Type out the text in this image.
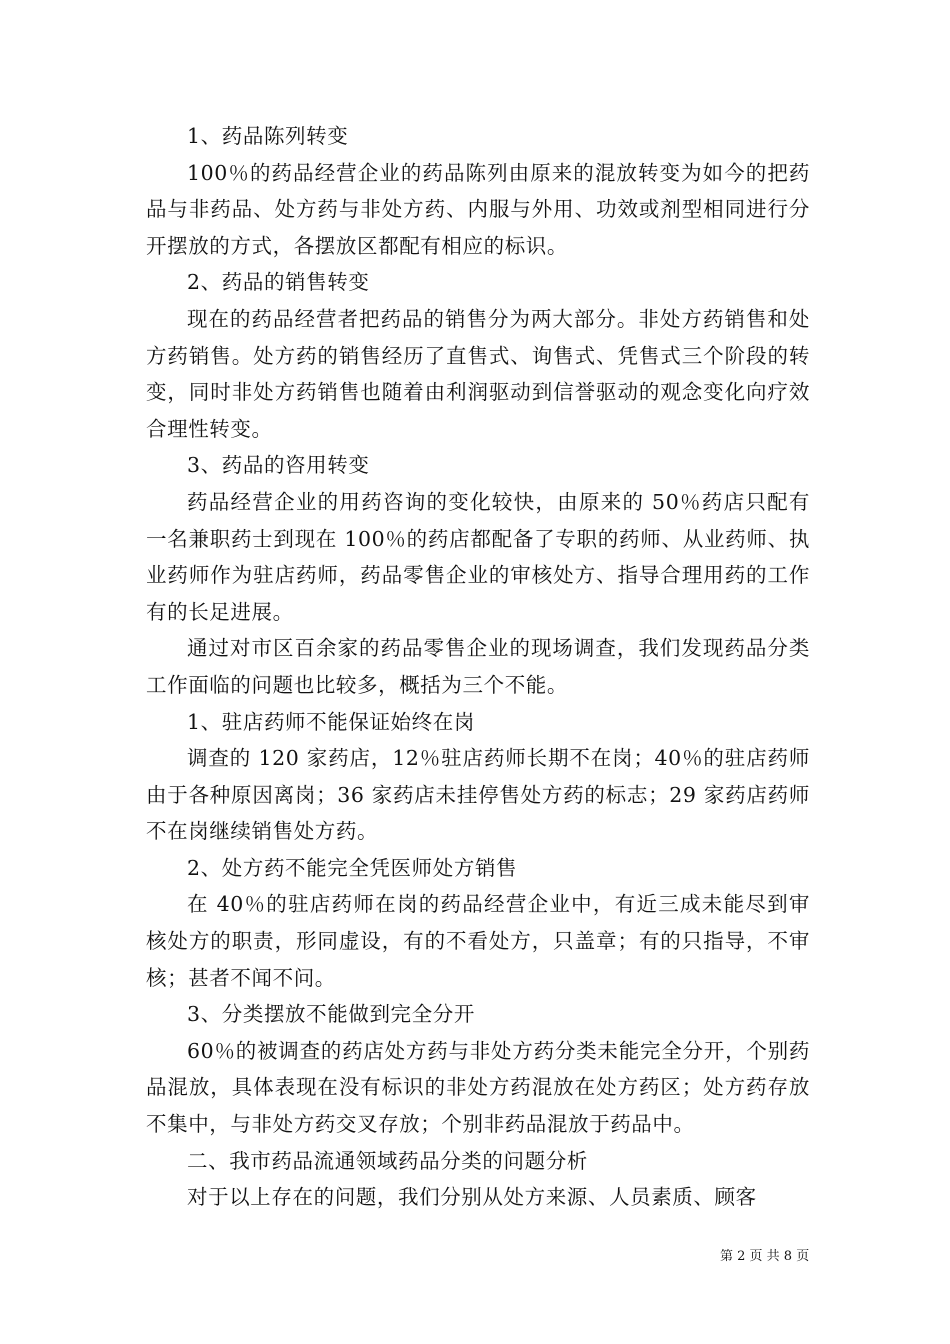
1、药品陈列转变

100％的药品经营企业的药品陈列由原来的混放转变为如今的把药品与非药品、处方药与非处方药、内服与外用、功效或剂型相同进行分开摆放的方式，各摆放区都配有相应的标识。

2、药品的销售转变

现在的药品经营者把药品的销售分为两大部分。非处方药销售和处方药销售。处方药的销售经历了直售式、询售式、凭售式三个阶段的转变，同时非处方药销售也随着由利润驱动到信誉驱动的观念变化向疗效合理性转变。

3、药品的咨用转变

药品经营企业的用药咨询的变化较快，由原来的 50％药店只配有一名兼职药士到现在 100％的药店都配备了专职的药师、从业药师、执业药师作为驻店药师，药品零售企业的审核处方、指导合理用药的工作有的长足进展。

通过对市区百余家的药品零售企业的现场调查，我们发现药品分类工作面临的问题也比较多，概括为三个不能。

1、驻店药师不能保证始终在岗

调查的 120 家药店，12％驻店药师长期不在岗；40％的驻店药师由于各种原因离岗；36 家药店未挂停售处方药的标志；29 家药店药师不在岗继续销售处方药。

2、处方药不能完全凭医师处方销售

在 40％的驻店药师在岗的药品经营企业中，有近三成未能尽到审核处方的职责，形同虚设，有的不看处方，只盖章；有的只指导，不审核；甚者不闻不问。

3、分类摆放不能做到完全分开

60％的被调查的药店处方药与非处方药分类未能完全分开，个别药品混放，具体表现在没有标识的非处方药混放在处方药区；处方药存放不集中，与非处方药交叉存放；个别非药品混放于药品中。

二、我市药品流通领域药品分类的问题分析

对于以上存在的问题，我们分别从处方来源、人员素质、顾客

第 2 页 共 8 页
